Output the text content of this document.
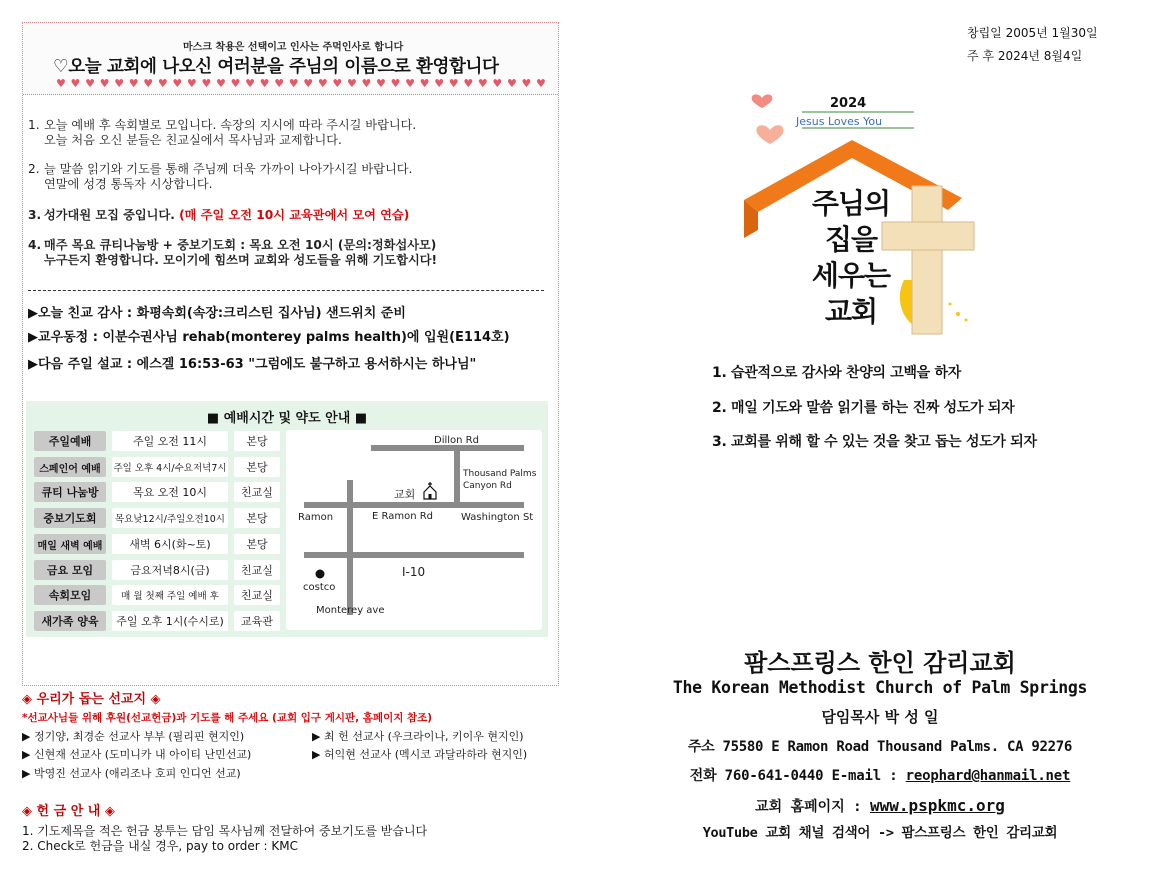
마스크 착용은 선택이고 인사는 주먹인사로 합니다
♡오늘 교회에 나오신 여러분을 주님의 이름으로 환영합니다
♥ ♥ ♥ ♥ ♥ ♥ ♥ ♥ ♥ ♥ ♥ ♥ ♥ ♥ ♥ ♥ ♥ ♥ ♥ ♥ ♥ ♥ ♥ ♥ ♥ ♥ ♥ ♥ ♥ ♥ ♥ ♥ ♥ ♥
1. 오늘 예배 후 속회별로 모입니다. 속장의 지시에 따라 주시길 바랍니다.
오늘 처음 오신 분들은 친교실에서 목사님과 교제합니다.
2. 늘 말씀 읽기와 기도를 통해 주님께 더욱 가까이 나아가시길 바랍니다.
연말에 성경 통독자 시상합니다.
3. 성가대원 모집 중입니다. (매 주일 오전 10시 교육관에서 모여 연습)
4. 매주 목요 큐티나눔방 + 중보기도회 : 목요 오전 10시 (문의:정화섭사모)
누구든지 환영합니다. 모이기에 힘쓰며 교회와 성도들을 위해 기도합시다!
▶오늘 친교 감사 : 화평속회(속장:크리스틴 집사님) 샌드위치 준비
▶교우동정 : 이분수권사님 rehab(monterey palms health)에 입원(E114호)
▶다음 주일 설교 : 에스겔 16:53-63 "그럼에도 불구하고 용서하시는 하나님"
■ 예배시간 및 약도 안내 ■
주일예배	주일 오전 11시	본당
스페인어 예배	주일 오후 4시/수요저녁7시	본당
큐티 나눔방	목요 오전 10시	친교실
중보기도회	목요낮12시/주일오전10시	본당
매일 새벽 예배	새벽 6시(화~토)	본당
금요 모임	금요저녁8시(금)	친교실
속회모임	매 월 첫째 주일 예배 후	친교실
새가족 양육	주일 오후 1시(수시로)	교육관
Dillon Rd
Thousand Palms
Canyon Rd
교회
Ramon	E Ramon Rd	Washington St
I-10
costco
Monterey ave
◈ 우리가 돕는 선교지 ◈
*선교사님들 위해 후원(선교헌금)과 기도를 해 주세요 (교회 입구 게시판, 홈페이지 참조)
▶ 정기양, 최경순 선교사 부부 (필리핀 현지인)	▶ 최 헌 선교사 (우크라이나, 키이우 현지인)
▶ 신현재 선교사 (도미니카 내 아이티 난민선교)	▶ 허익현 선교사 (멕시코 과달라하라 현지인)
▶ 박영진 선교사 (애리조나 호피 인디언 선교)
◈ 헌 금 안 내 ◈
1. 기도제목을 적은 헌금 봉투는 담임 목사님께 전달하여 중보기도를 받습니다
2. Check로 헌금을 내실 경우, pay to order : KMC
창립일 2005년 1월30일
주 후 2024년 8월4일
2024
Jesus Loves You
주님의
집을
세우는
교회
1. 습관적으로 감사와 찬양의 고백을 하자
2. 매일 기도와 말씀 읽기를 하는 진짜 성도가 되자
3. 교회를 위해 할 수 있는 것을 찾고 돕는 성도가 되자
팜스프링스 한인 감리교회
The Korean Methodist Church of Palm Springs
담임목사 박 성 일
주소 75580 E Ramon Road Thousand Palms. CA 92276
전화 760-641-0440 E-mail : reophard@hanmail.net
교회 홈페이지 : www.pspkmc.org
YouTube 교회 채널 검색어 -> 팜스프링스 한인 감리교회
